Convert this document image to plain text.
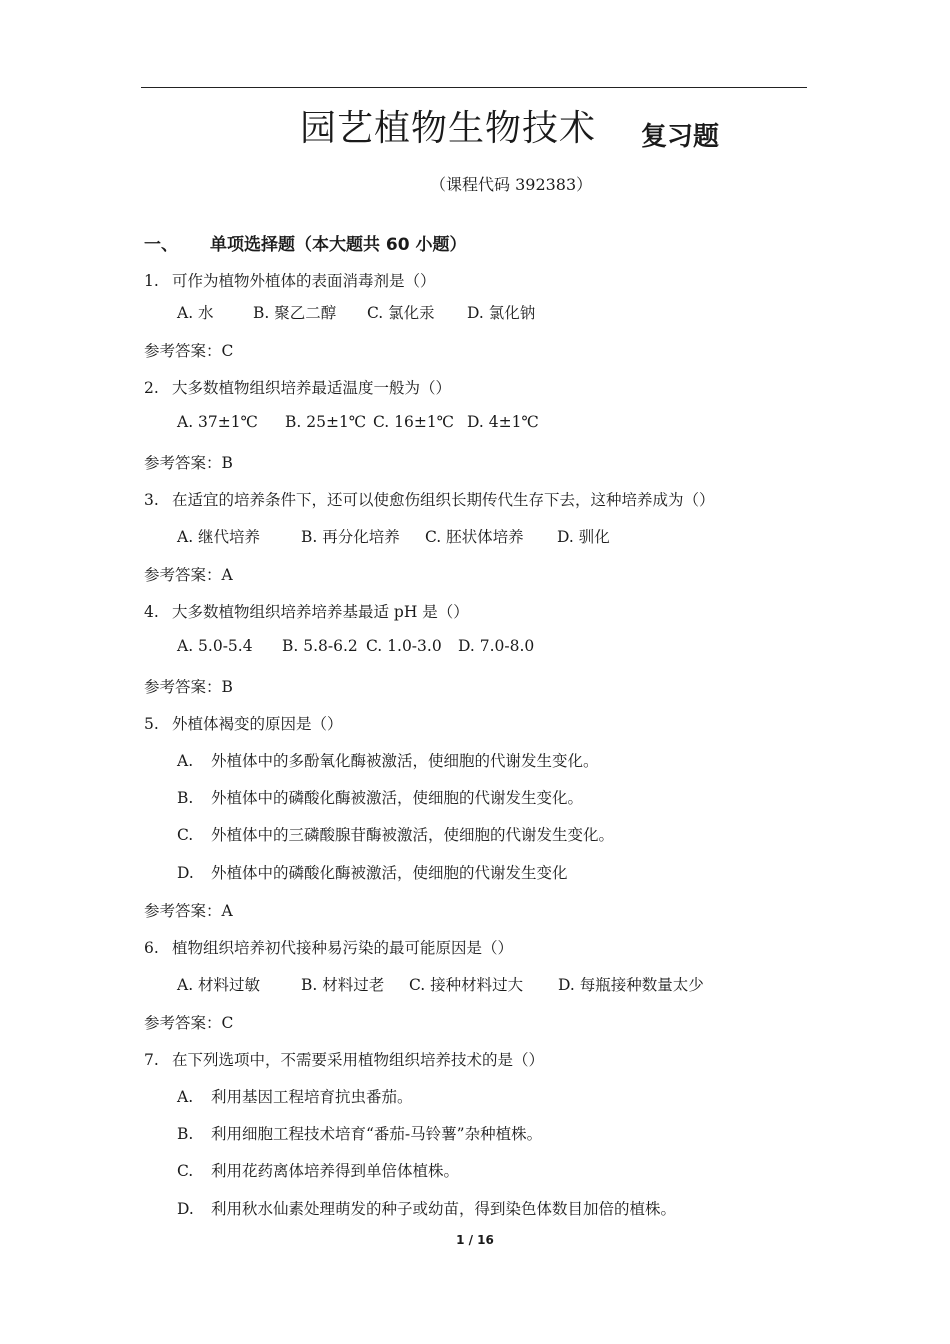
园艺植物生物技术 复习题
（课程代码 392383）
一、 单项选择题（本大题共 60 小题）
1. 可作为植物外植体的表面消毒剂是（）
A. 水	B. 聚乙二醇 C. 氯化汞 D. 氯化钠
参考答案：C
2. 大多数植物组织培养最适温度一般为（）
A. 37±1℃ B. 25±1℃ C. 16±1℃ D. 4±1℃
参考答案：B
3. 在适宜的培养条件下，还可以使愈伤组织长期传代生存下去，这种培养成为（）
A. 继代培养	B. 再分化培养 C. 胚状体培养 D. 驯化
参考答案：A
4. 大多数植物组织培养培养基最适 pH 是（）
A. 5.0-5.4 B. 5.8-6.2 C. 1.0-3.0 D. 7.0-8.0
参考答案：B
5. 外植体褐变的原因是（）
A. 外植体中的多酚氧化酶被激活，使细胞的代谢发生变化。
B. 外植体中的磷酸化酶被激活，使细胞的代谢发生变化。
C. 外植体中的三磷酸腺苷酶被激活，使细胞的代谢发生变化。
D. 外植体中的磷酸化酶被激活，使细胞的代谢发生变化
参考答案：A
6. 植物组织培养初代接种易污染的最可能原因是（）
A. 材料过敏	B. 材料过老 C. 接种材料过大 D. 每瓶接种数量太少
参考答案：C
7. 在下列选项中，不需要采用植物组织培养技术的是（）
A. 利用基因工程培育抗虫番茄。
B. 利用细胞工程技术培育“番茄-马铃薯”杂种植株。
C. 利用花药离体培养得到单倍体植株。
D. 利用秋水仙素处理萌发的种子或幼苗，得到染色体数目加倍的植株。
1 / 16
